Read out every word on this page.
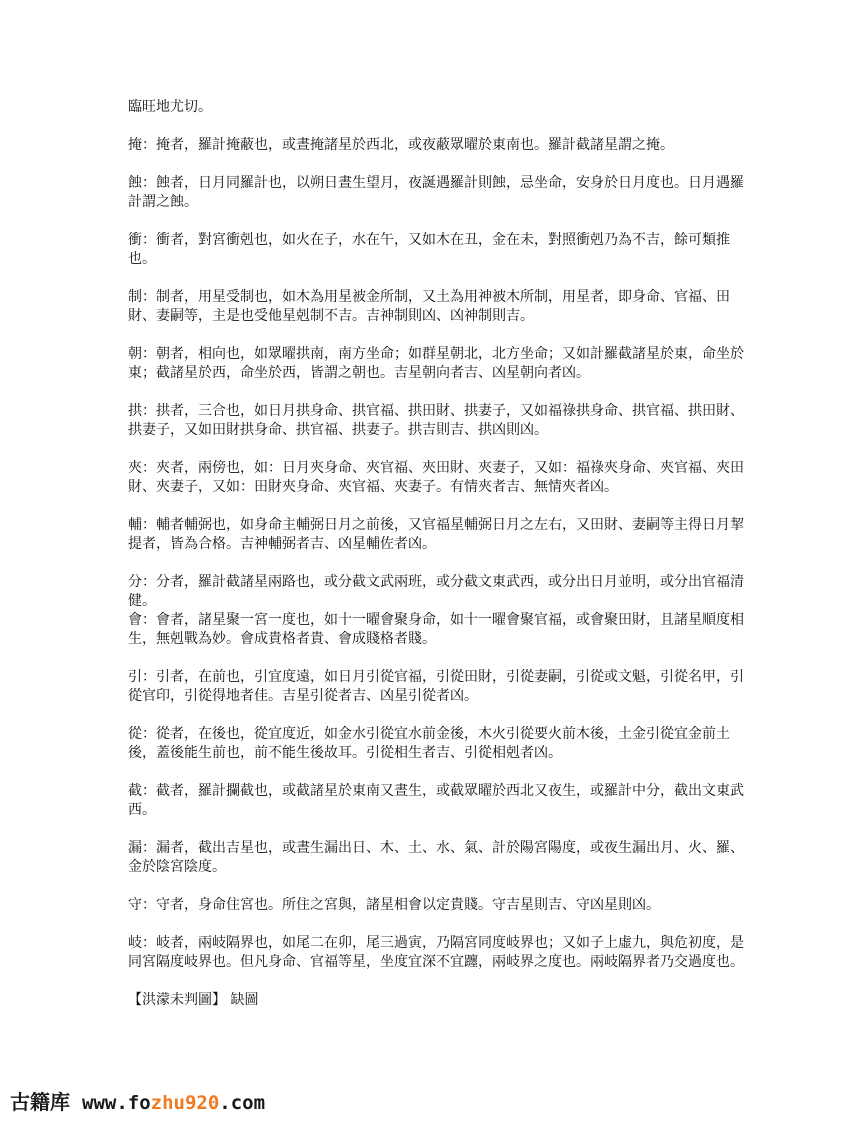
臨旺地尤切。

掩：掩者，羅計掩蔽也，或晝掩諸星於西北，或夜蔽眾曜於東南也。羅計截諸星謂之掩。

蝕：蝕者，日月同羅計也，以朔日晝生望月，夜誕遇羅計則蝕，忌坐命，安身於日月度也。日月遇羅計謂之蝕。

衝：衝者，對宮衝剋也，如火在子，水在午，又如木在丑，金在未，對照衝剋乃為不吉，餘可類推也。

制：制者，用星受制也，如木為用星被金所制，又土為用神被木所制，用星者，即身命、官福、田財、妻嗣等，主是也受他星剋制不吉。吉神制則凶、凶神制則吉。

朝：朝者，相向也，如眾曜拱南，南方坐命；如群星朝北，北方坐命；又如計羅截諸星於東，命坐於東；截諸星於西，命坐於西，皆謂之朝也。吉星朝向者吉、凶星朝向者凶。

拱：拱者，三合也，如日月拱身命、拱官福、拱田財、拱妻子，又如福祿拱身命、拱官福、拱田財、拱妻子，又如田財拱身命、拱官福、拱妻子。拱吉則吉、拱凶則凶。

夾：夾者，兩傍也，如：日月夾身命、夾官福、夾田財、夾妻子，又如：福祿夾身命、夾官福、夾田財、夾妻子，又如：田財夾身命、夾官福、夾妻子。有情夾者吉、無情夾者凶。

輔：輔者輔弼也，如身命主輔弼日月之前後，又官福星輔弼日月之左右，又田財、妻嗣等主得日月挈提者，皆為合格。吉神輔弼者吉、凶星輔佐者凶。

分：分者，羅計截諸星兩路也，或分截文武兩班，或分截文東武西，或分出日月並明，或分出官福清健。

會：會者，諸星聚一宮一度也，如十一曜會聚身命，如十一曜會聚官福，或會聚田財，且諸星順度相生，無剋戰為妙。會成貴格者貴、會成賤格者賤。

引：引者，在前也，引宜度遠，如日月引從官福，引從田財，引從妻嗣，引從或文魁，引從名甲，引從官印，引從得地者佳。吉星引從者吉、凶星引從者凶。

從：從者，在後也，從宜度近，如金水引從宜水前金後，木火引從要火前木後，土金引從宜金前土後，蓋後能生前也，前不能生後故耳。引從相生者吉、引從相剋者凶。

截：截者，羅計攔截也，或截諸星於東南又晝生，或截眾曜於西北又夜生，或羅計中分，截出文東武西。

漏：漏者，截出吉星也，或晝生漏出日、木、土、水、氣、計於陽宮陽度，或夜生漏出月、火、羅、金於陰宮陰度。

守：守者，身命住宮也。所住之宮與，諸星相會以定貴賤。守吉星則吉、守凶星則凶。

岐：岐者，兩岐隔界也，如尾二在卯，尾三過寅，乃隔宮同度岐界也；又如子上虛九，與危初度，是同宮隔度岐界也。但凡身命、官福等星，坐度宜深不宜躔，兩岐界之度也。兩岐隔界者乃交過度也。

【洪濛未判圖】 缺圖

古籍库 www.fo zhu920 .com
